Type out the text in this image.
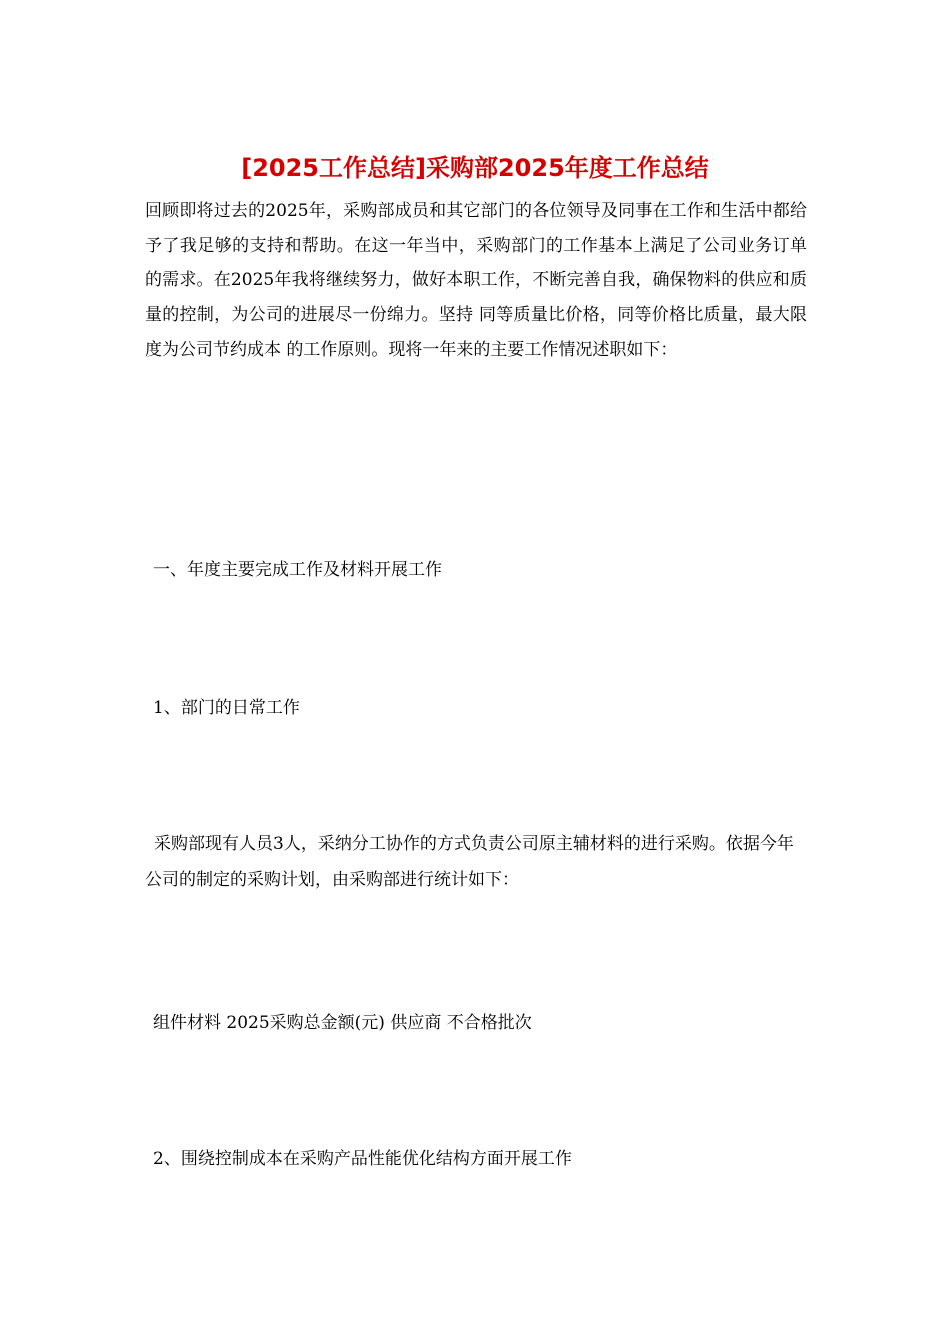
[2025工作总结]采购部2025年度工作总结

回顾即将过去的2025年，采购部成员和其它部门的各位领导及同事在工作和生活中都给予了我足够的支持和帮助。在这一年当中，采购部门的工作基本上满足了公司业务订单的需求。在2025年我将继续努力，做好本职工作，不断完善自我，确保物料的供应和质量的控制，为公司的进展尽一份绵力。坚持 同等质量比价格，同等价格比质量，最大限度为公司节约成本 的工作原则。现将一年来的主要工作情况述职如下：

一、年度主要完成工作及材料开展工作

1、部门的日常工作

采购部现有人员3人，采纳分工协作的方式负责公司原主辅材料的进行采购。依据今年公司的制定的采购计划，由采购部进行统计如下：

组件材料 2025采购总金额(元) 供应商 不合格批次

2、围绕控制成本在采购产品性能优化结构方面开展工作
